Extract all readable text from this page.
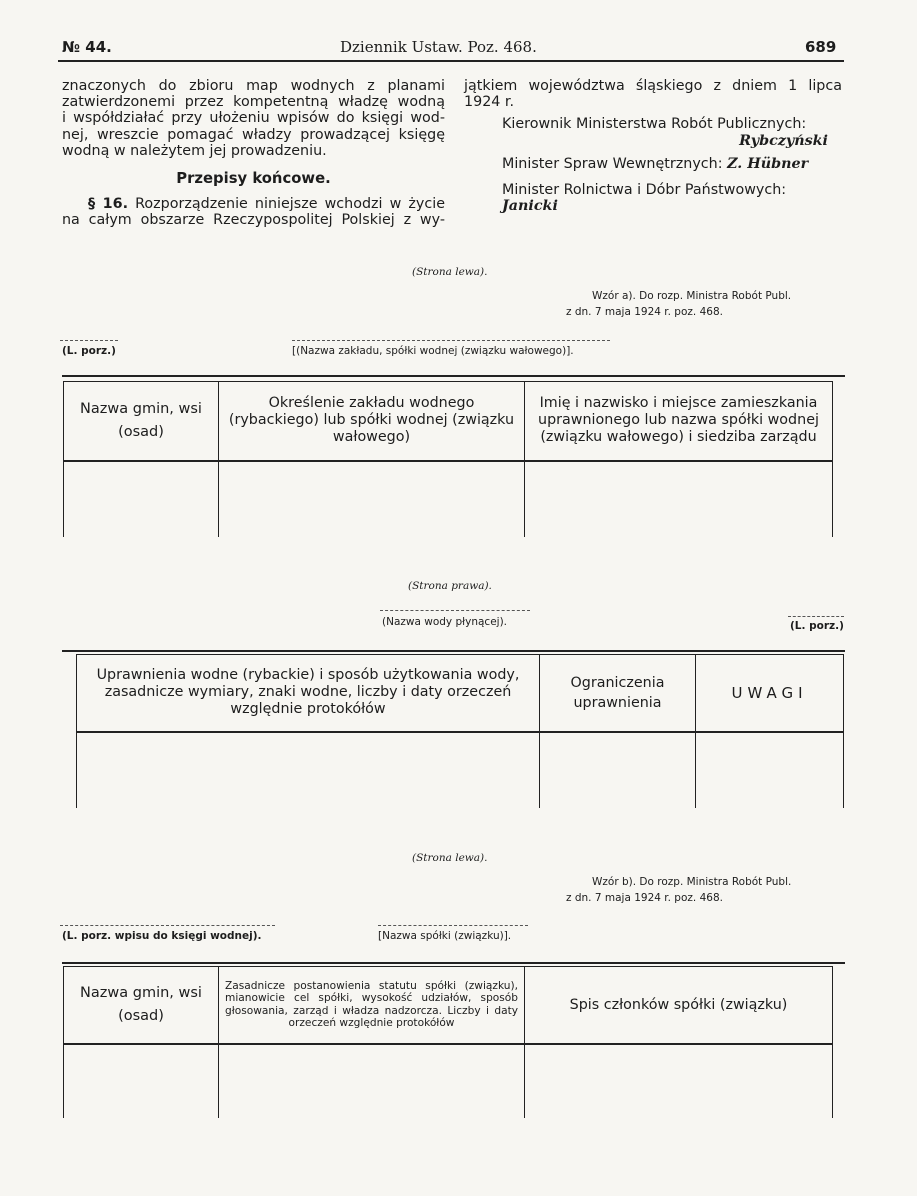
№ 44.	Dziennik Ustaw. Poz. 468.	689
znaczonych do zbioru map wodnych z planami
zatwierdzonemi przez kompetentną władzę wodną
i współdziałać przy ułożeniu wpisów do księgi wod-
nej, wreszcie pomagać władzy prowadzącej księgę
wodną w należytem jej prowadzeniu.
Przepisy końcowe.
§ 16. Rozporządzenie niniejsze wchodzi w życie
na całym obszarze Rzeczypospolitej Polskiej z wy-
jątkiem województwa śląskiego z dniem 1 lipca
1924 r.
Kierownik Ministerstwa Robót Publicznych:
Rybczyński
Minister Spraw Wewnętrznych: Z. Hübner
Minister Rolnictwa i Dóbr Państwowych: Janicki
(Strona lewa).
Wzór a). Do rozp. Ministra Robót Publ.
z dn. 7 maja 1924 r. poz. 468.
(L. porz.)	[(Nazwa zakładu, spółki wodnej (związku wałowego)].
Nazwa gmin, wsi (osad)	Określenie zakładu wodnego (rybackiego) lub spółki wodnej (związku wałowego)	Imię i nazwisko i miejsce zamieszkania uprawnionego lub nazwa spółki wodnej (związku wałowego) i siedziba zarządu

(Strona prawa).
(Nazwa wody płynącej).	(L. porz.)
Uprawnienia wodne (rybackie) i sposób użytkowania wody, zasadnicze wymiary, znaki wodne, liczby i daty orzeczeń względnie protokółów	Ograniczenia uprawnienia	UWAGI

(Strona lewa).
Wzór b). Do rozp. Ministra Robót Publ.
z dn. 7 maja 1924 r. poz. 468.
(L. porz. wpisu do księgi wodnej).	[Nazwa spółki (związku)].
Nazwa gmin, wsi (osad)	Zasadnicze postanowienia statutu spółki (związku), mianowicie cel spółki, wysokość udziałów, sposób głosowania, zarząd i władza nadzorcza. Liczby i daty orzeczeń względnie protokółów	Spis członków spółki (związku)
